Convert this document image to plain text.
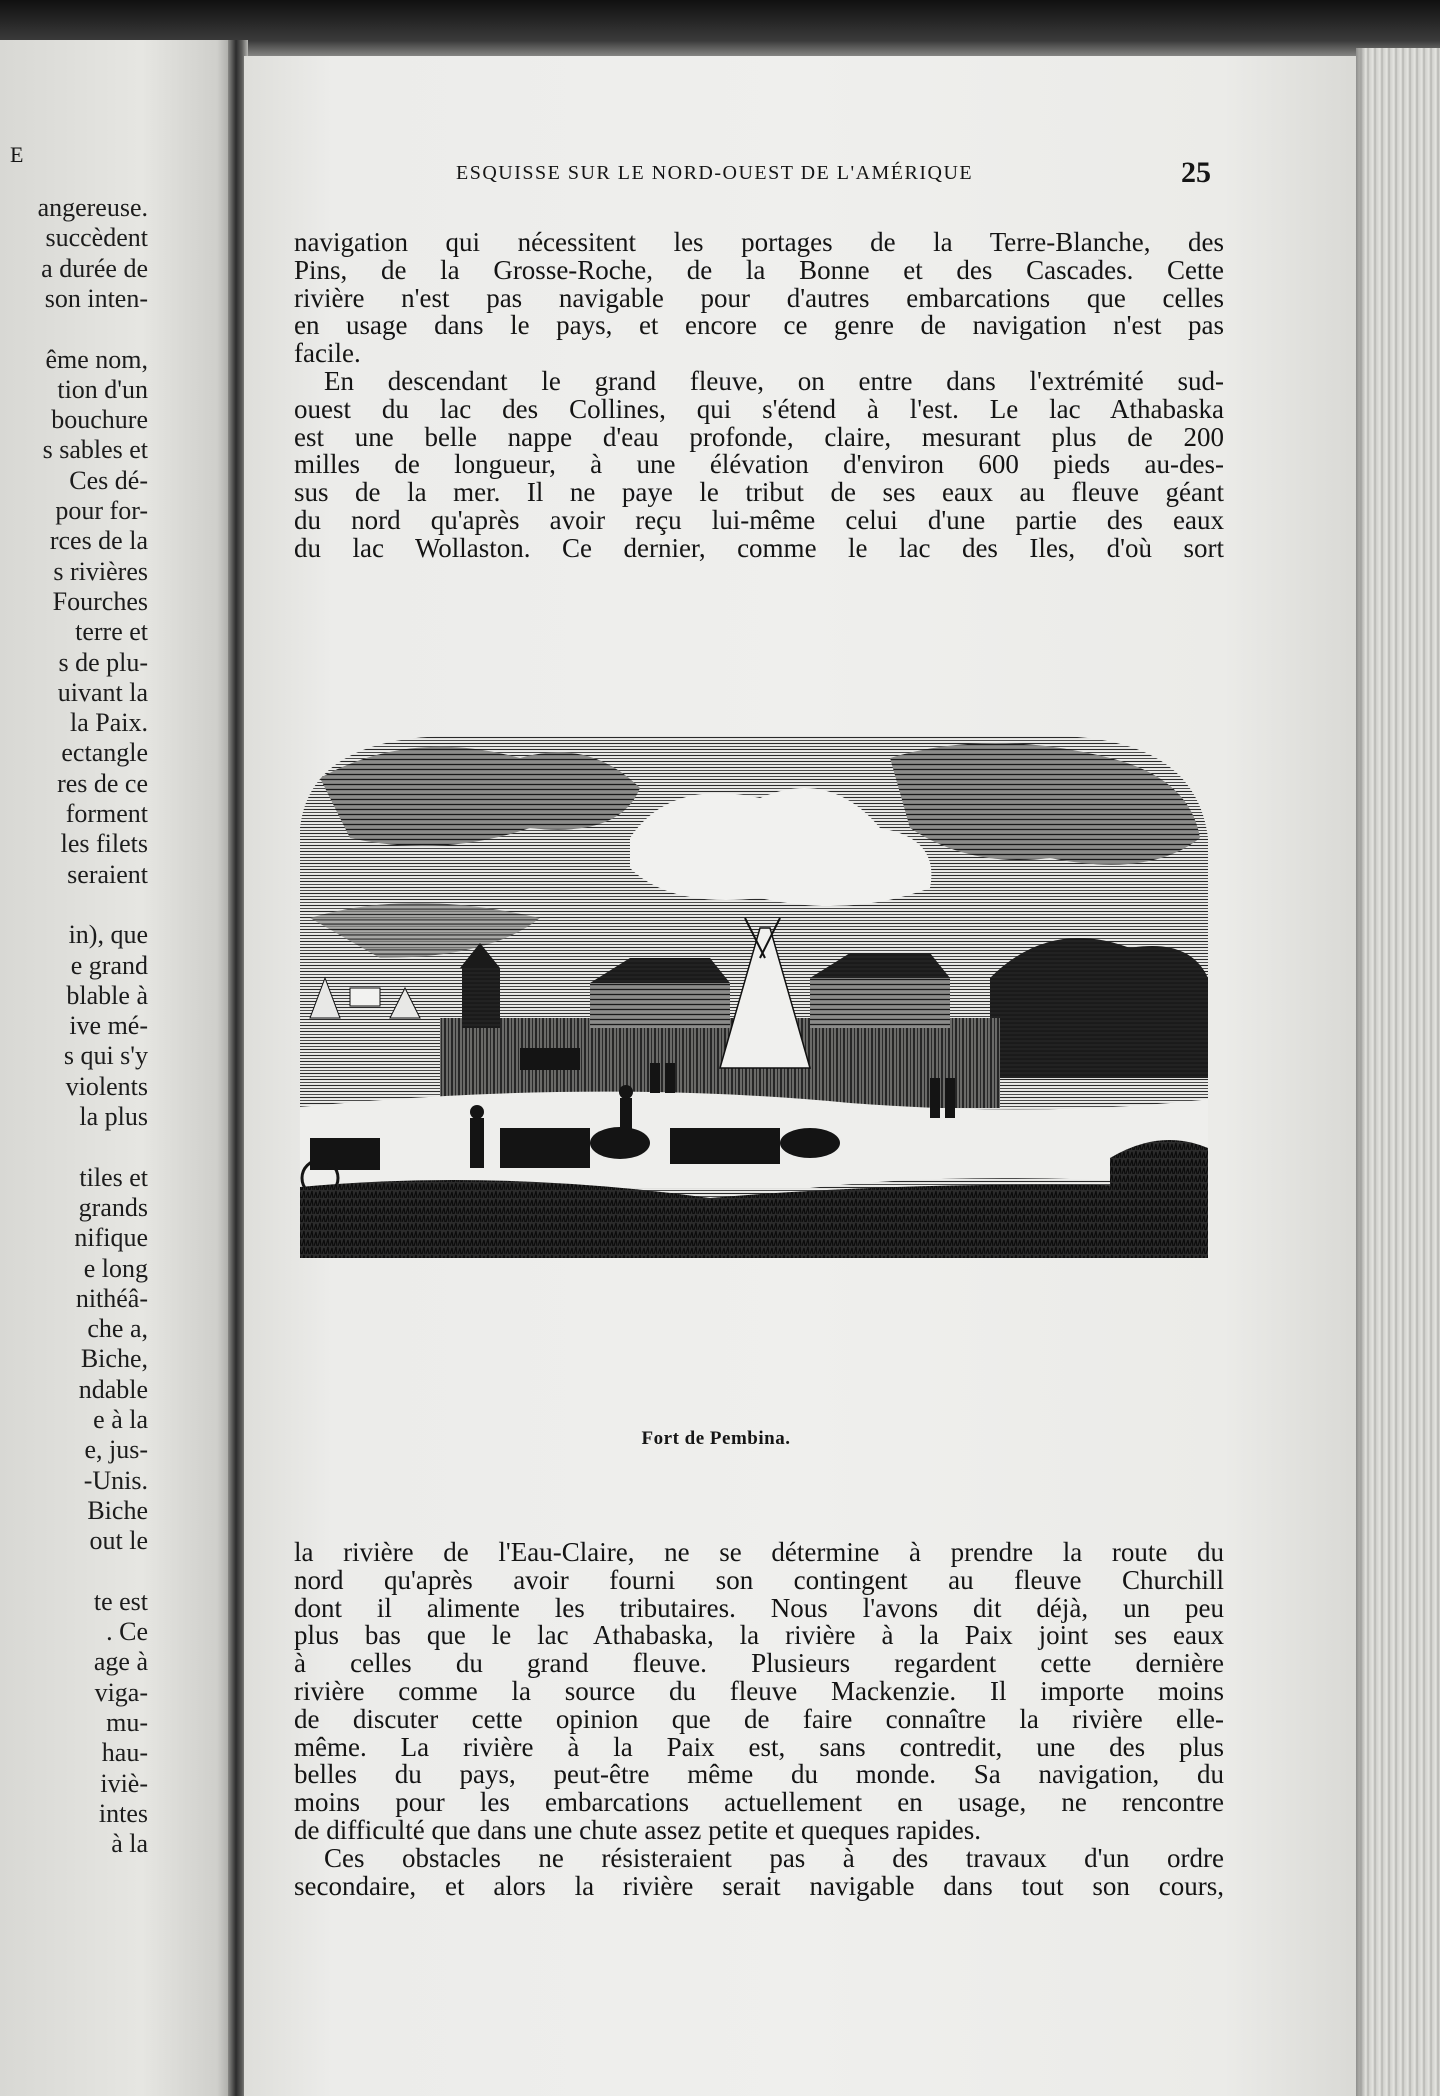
E
angereuse.
succèdent
a durée de
son inten-
ême nom,
tion d'un
bouchure
s sables et
Ces dé-
pour for-
rces de la
s rivières
Fourches
terre et
s de plu-
uivant la
la Paix.
ectangle
res de ce
forment
les filets
seraient
in), que
e grand
blable à
ive mé-
s qui s'y
violents
la plus
tiles et
grands
nifique
e long
nithéâ-
che a,
Biche,
ndable
e à la
e, jus-
-Unis.
Biche
out le
te est
. Ce
age à
viga-
mu-
hau-
iviè-
intes
à la
ESQUISSE SUR LE NORD-OUEST DE L'AMÉRIQUE	25
navigation qui nécessitent les portages de la Terre-Blanche, des
Pins, de la Grosse-Roche, de la Bonne et des Cascades. Cette
rivière n'est pas navigable pour d'autres embarcations que celles
en usage dans le pays, et encore ce genre de navigation n'est pas
facile.
En descendant le grand fleuve, on entre dans l'extrémité sud-
ouest du lac des Collines, qui s'étend à l'est. Le lac Athabaska
est une belle nappe d'eau profonde, claire, mesurant plus de 200
milles de longueur, à une élévation d'environ 600 pieds au-des-
sus de la mer. Il ne paye le tribut de ses eaux au fleuve géant
du nord qu'après avoir reçu lui-même celui d'une partie des eaux
du lac Wollaston. Ce dernier, comme le lac des Iles, d'où sort
Fort de Pembina.
la rivière de l'Eau-Claire, ne se détermine à prendre la route du
nord qu'après avoir fourni son contingent au fleuve Churchill
dont il alimente les tributaires. Nous l'avons dit déjà, un peu
plus bas que le lac Athabaska, la rivière à la Paix joint ses eaux
à celles du grand fleuve. Plusieurs regardent cette dernière
rivière comme la source du fleuve Mackenzie. Il importe moins
de discuter cette opinion que de faire connaître la rivière elle-
même. La rivière à la Paix est, sans contredit, une des plus
belles du pays, peut-être même du monde. Sa navigation, du
moins pour les embarcations actuellement en usage, ne rencontre
de difficulté que dans une chute assez petite et queques rapides.
Ces obstacles ne résisteraient pas à des travaux d'un ordre
secondaire, et alors la rivière serait navigable dans tout son cours,
